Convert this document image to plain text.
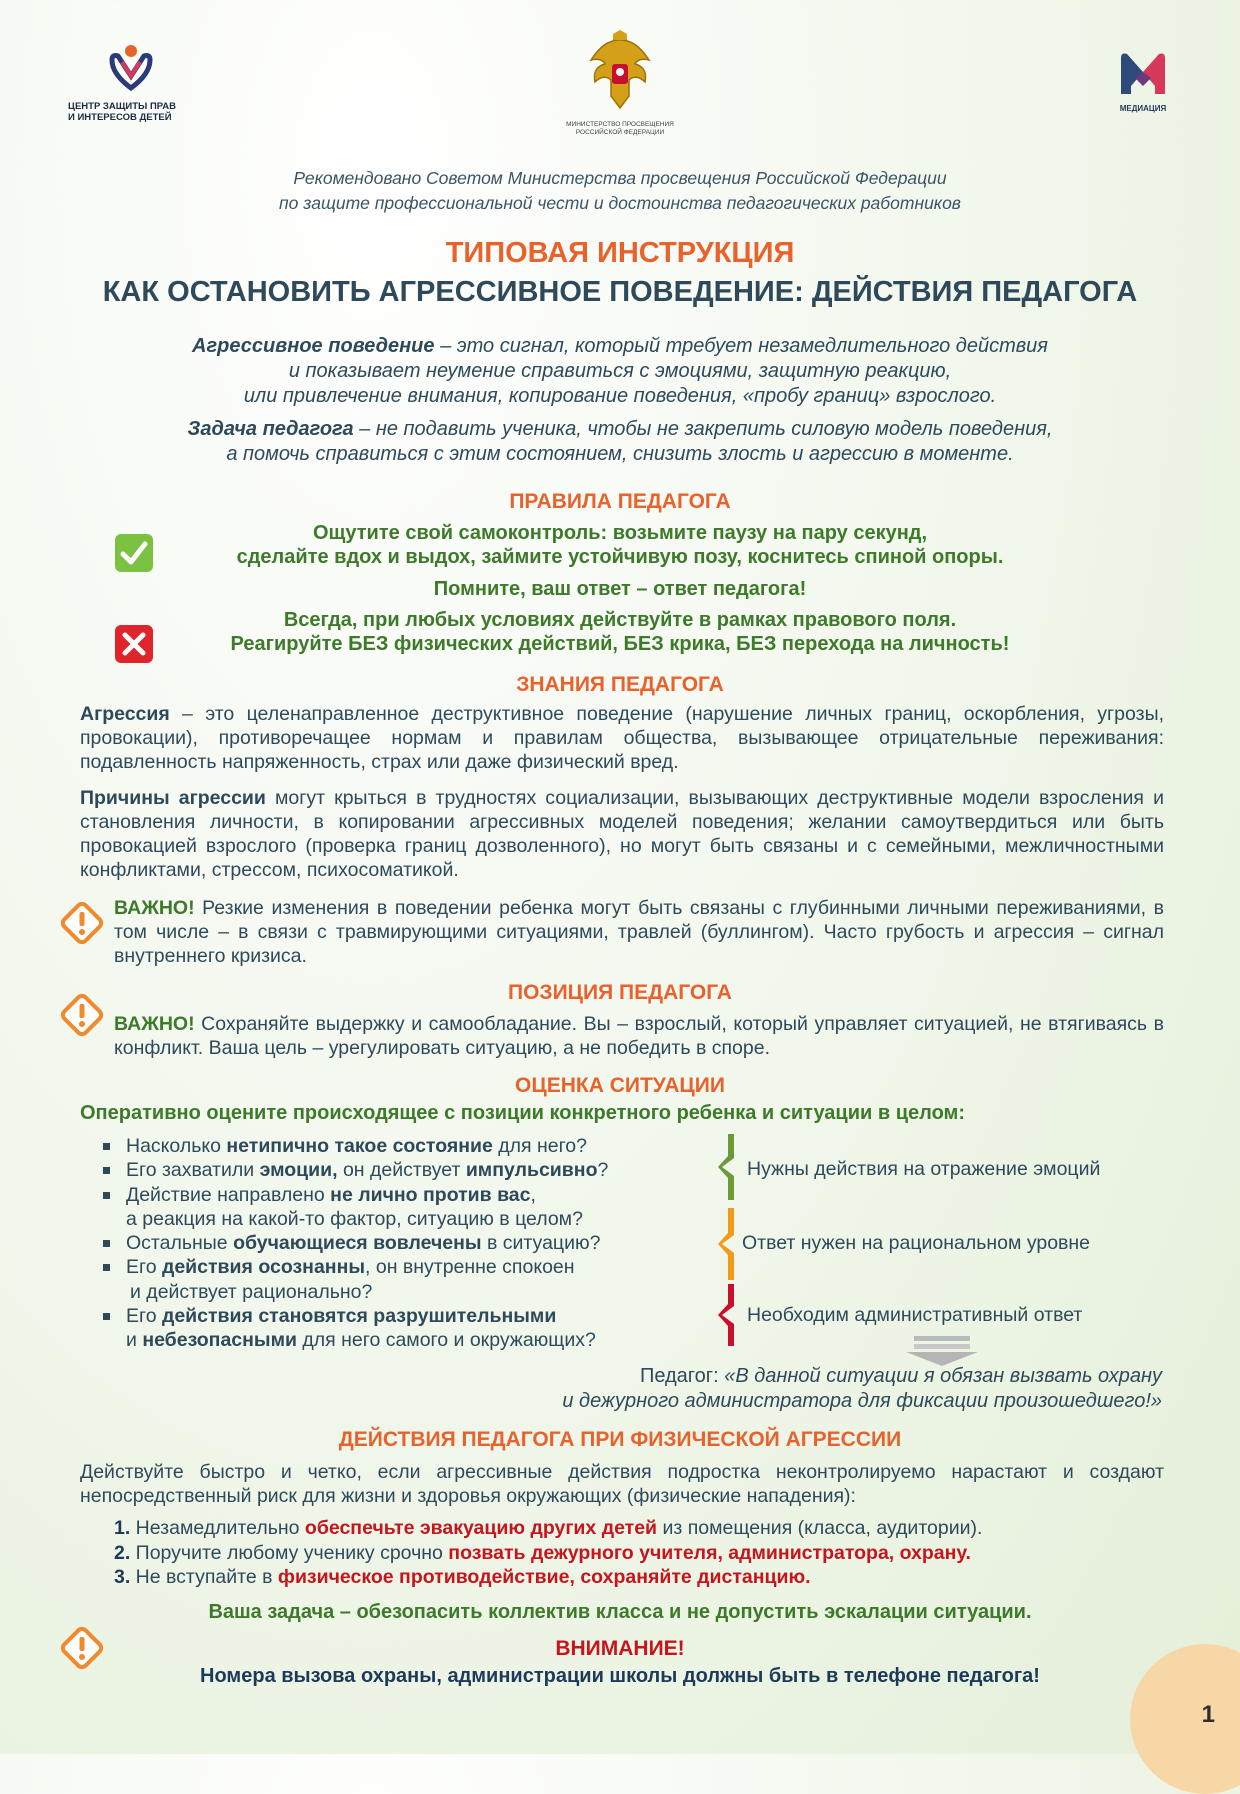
ЦЕНТР ЗАЩИТЫ ПРАВ
И ИНТЕРЕСОВ ДЕТЕЙ
МИНИСТЕРСТВО ПРОСВЕЩЕНИЯ
РОССИЙСКОЙ ФЕДЕРАЦИИ
МЕДИАЦИЯ
Рекомендовано Советом Министерства просвещения Российской Федерации
по защите профессиональной чести и достоинства педагогических работников
ТИПОВАЯ ИНСТРУКЦИЯ
КАК ОСТАНОВИТЬ АГРЕССИВНОЕ ПОВЕДЕНИЕ: ДЕЙСТВИЯ ПЕДАГОГА
Агрессивное поведение – это сигнал, который требует незамедлительного действия
и показывает неумение справиться с эмоциями, защитную реакцию,
или привлечение внимания, копирование поведения, «пробу границ» взрослого.
Задача педагога – не подавить ученика, чтобы не закрепить силовую модель поведения,
а помочь справиться с этим состоянием, снизить злость и агрессию в моменте.
ПРАВИЛА ПЕДАГОГА
Ощутите свой самоконтроль: возьмите паузу на пару секунд,
сделайте вдох и выдох, займите устойчивую позу, коснитесь спиной опоры.
Помните, ваш ответ – ответ педагога!
Всегда, при любых условиях действуйте в рамках правового поля.
Реагируйте БЕЗ физических действий, БЕЗ крика, БЕЗ перехода на личность!
ЗНАНИЯ ПЕДАГОГА
Агрессия – это целенаправленное деструктивное поведение (нарушение личных границ, оскорбления, угрозы, провокации), противоречащее нормам и правилам общества, вызывающее отрицательные переживания: подавленность напряженность, страх или даже физический вред.
Причины агрессии могут крыться в трудностях социализации, вызывающих деструктивные модели взросления и становления личности, в копировании агрессивных моделей поведения; желании самоутвердиться или быть провокацией взрослого (проверка границ дозволенного), но могут быть связаны и с семейными, межличностными конфликтами, стрессом, психосоматикой.
ВАЖНО! Резкие изменения в поведении ребенка могут быть связаны с глубинными личными переживаниями, в том числе – в связи с травмирующими ситуациями, травлей (буллингом). Часто грубость и агрессия – сигнал внутреннего кризиса.
ПОЗИЦИЯ ПЕДАГОГА
ВАЖНО! Сохраняйте выдержку и самообладание. Вы – взрослый, который управляет ситуацией, не втягиваясь в конфликт. Ваша цель – урегулировать ситуацию, а не победить в споре.
ОЦЕНКА СИТУАЦИИ
Оперативно оцените происходящее с позиции конкретного ребенка и ситуации в целом:
Насколько нетипично такое состояние для него?
Его захватили эмоции, он действует импульсивно?
Действие направлено не лично против вас,
а реакция на какой-то фактор, ситуацию в целом?
Остальные обучающиеся вовлечены в ситуацию?
Его действия осознанны, он внутренне спокоен
и действует рационально?
Его действия становятся разрушительными
и небезопасными для него самого и окружающих?
Нужны действия на отражение эмоций
Ответ нужен на рациональном уровне
Необходим административный ответ
Педагог: «В данной ситуации я обязан вызвать охрану
и дежурного администратора для фиксации произошедшего!»
ДЕЙСТВИЯ ПЕДАГОГА ПРИ ФИЗИЧЕСКОЙ АГРЕССИИ
Действуйте быстро и четко, если агрессивные действия подростка неконтролируемо нарастают и создают непосредственный риск для жизни и здоровья окружающих (физические нападения):
1. Незамедлительно обеспечьте эвакуацию других детей из помещения (класса, аудитории).
2. Поручите любому ученику срочно позвать дежурного учителя, администратора, охрану.
3. Не вступайте в физическое противодействие, сохраняйте дистанцию.
Ваша задача – обезопасить коллектив класса и не допустить эскалации ситуации.
ВНИМАНИЕ!
Номера вызова охраны, администрации школы должны быть в телефоне педагога!
1
